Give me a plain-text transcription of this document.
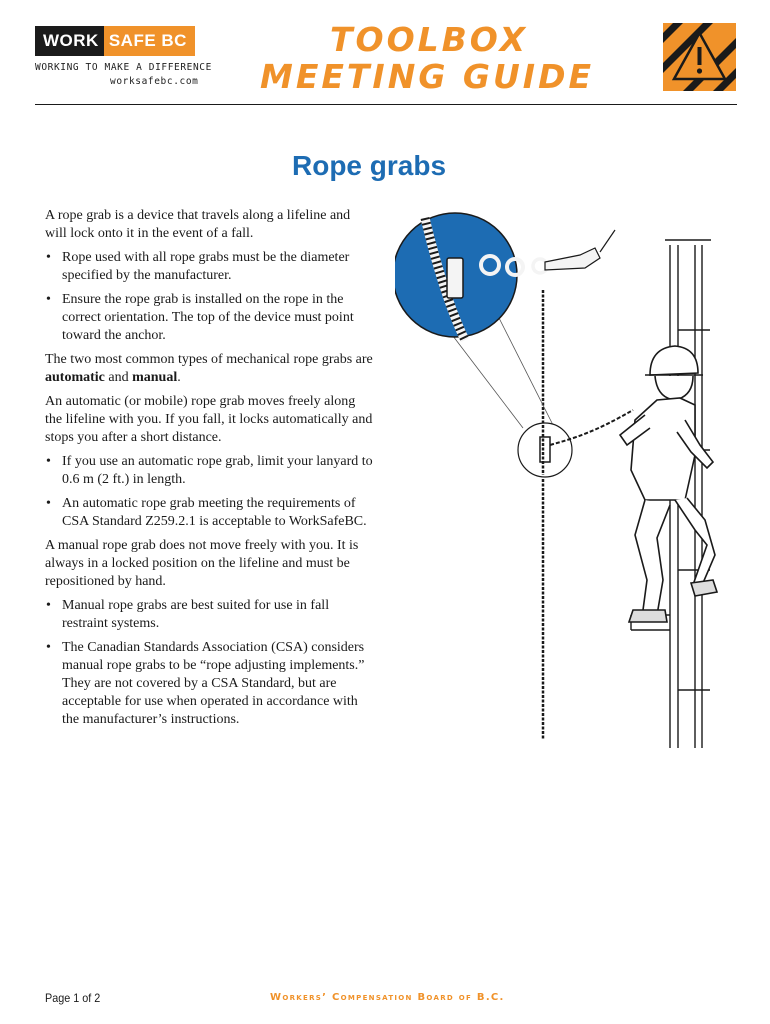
WORK SAFE BC
WORKING TO MAKE A DIFFERENCE
worksafebc.com
TOOLBOX
MEETING GUIDE
Rope grabs

A rope grab is a device that travels along a lifeline and will lock onto it in the event of a fall.

• Rope used with all rope grabs must be the diameter specified by the manufacturer.
• Ensure the rope grab is installed on the rope in the correct orientation. The top of the device must point toward the anchor.

The two most common types of mechanical rope grabs are automatic and manual.

An automatic (or mobile) rope grab moves freely along the lifeline with you. If you fall, it locks automatically and stops you after a short distance.

• If you use an automatic rope grab, limit your lanyard to 0.6 m (2 ft.) in length.
• An automatic rope grab meeting the requirements of CSA Standard Z259.2.1 is acceptable to WorkSafeBC.

A manual rope grab does not move freely with you. It is always in a locked position on the lifeline and must be repositioned by hand.

• Manual rope grabs are best suited for use in fall restraint systems.
• The Canadian Standards Association (CSA) considers manual rope grabs to be “rope adjusting implements.” They are not covered by a CSA Standard, but are acceptable for use when operated in accordance with the manufacturer’s instructions.
Page 1 of 2	Workers’ Compensation Board of B.C.
